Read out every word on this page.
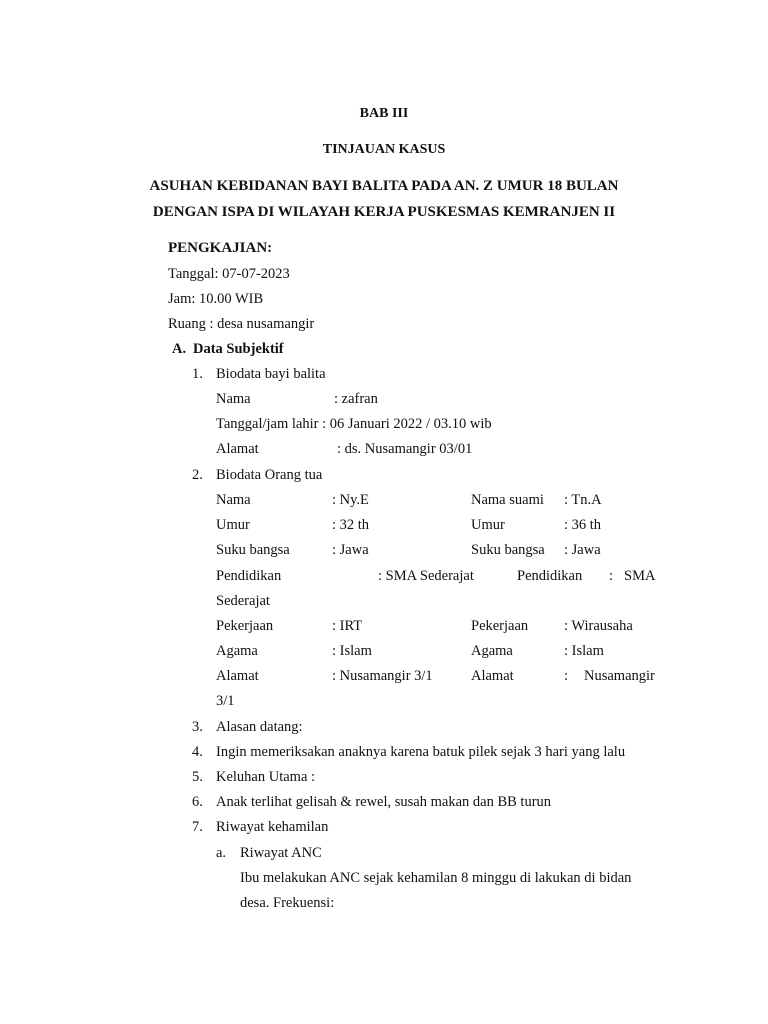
BAB III
TINJAUAN KASUS
ASUHAN KEBIDANAN BAYI BALITA PADA AN. Z UMUR 18 BULAN
DENGAN ISPA DI WILAYAH KERJA PUSKESMAS KEMRANJEN II
PENGKAJIAN:
Tanggal: 07-07-2023
Jam: 10.00 WIB
Ruang : desa nusamangir
A. Data Subjektif
1. Biodata bayi balita
Nama	: zafran
Tanggal/jam lahir : 06 Januari 2022 / 03.10 wib
Alamat	: ds. Nusamangir 03/01
2. Biodata Orang tua
Nama	: Ny.E	Nama suami : Tn.A
Umur	: 32 th	Umur	: 36 th
Suku bangsa	: Jawa	Suku bangsa : Jawa
Pendidikan	: SMA Sederajat	Pendidikan : SMA
Sederajat
Pekerjaan	: IRT	Pekerjaan : Wirausaha
Agama	: Islam	Agama	: Islam
Alamat	: Nusamangir 3/1	Alamat	: Nusamangir
3/1
3. Alasan datang:
4. Ingin memeriksakan anaknya karena batuk pilek sejak 3 hari yang lalu
5. Keluhan Utama :
6. Anak terlihat gelisah & rewel, susah makan dan BB turun
7. Riwayat kehamilan
a. Riwayat ANC
Ibu melakukan ANC sejak kehamilan 8 minggu di lakukan di bidan
desa. Frekuensi:
